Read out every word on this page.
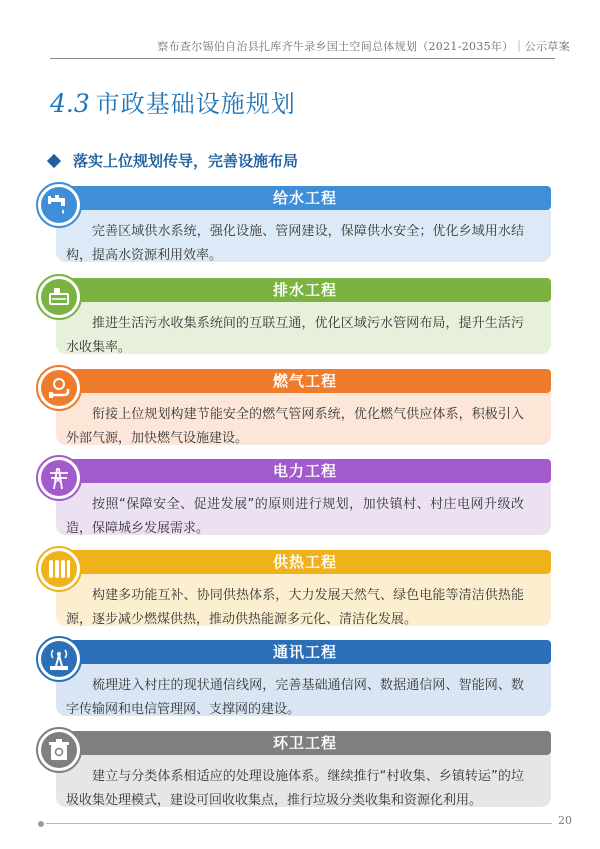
察布查尔锡伯自治县扎库齐牛录乡国土空间总体规划（2021-2035年）｜公示草案
4.3 市政基础设施规划
落实上位规划传导，完善设施布局
给水工程
完善区域供水系统，强化设施、管网建设，保障供水安全；优化乡域用水结构，提高水资源利用效率。
排水工程
推进生活污水收集系统间的互联互通，优化区域污水管网布局，提升生活污水收集率。
燃气工程
衔接上位规划构建节能安全的燃气管网系统，优化燃气供应体系，积极引入外部气源，加快燃气设施建设。
电力工程
按照“保障安全、促进发展”的原则进行规划，加快镇村、村庄电网升级改造，保障城乡发展需求。
供热工程
构建多功能互补、协同供热体系，大力发展天然气、绿色电能等清洁供热能源，逐步减少燃煤供热，推动供热能源多元化、清洁化发展。
通讯工程
梳理进入村庄的现状通信线网，完善基础通信网、数据通信网、智能网、数字传输网和电信管理网、支撑网的建设。
环卫工程
建立与分类体系相适应的处理设施体系。继续推行“村收集、乡镇转运”的垃圾收集处理模式，建设可回收收集点，推行垃圾分类收集和资源化利用。
20
